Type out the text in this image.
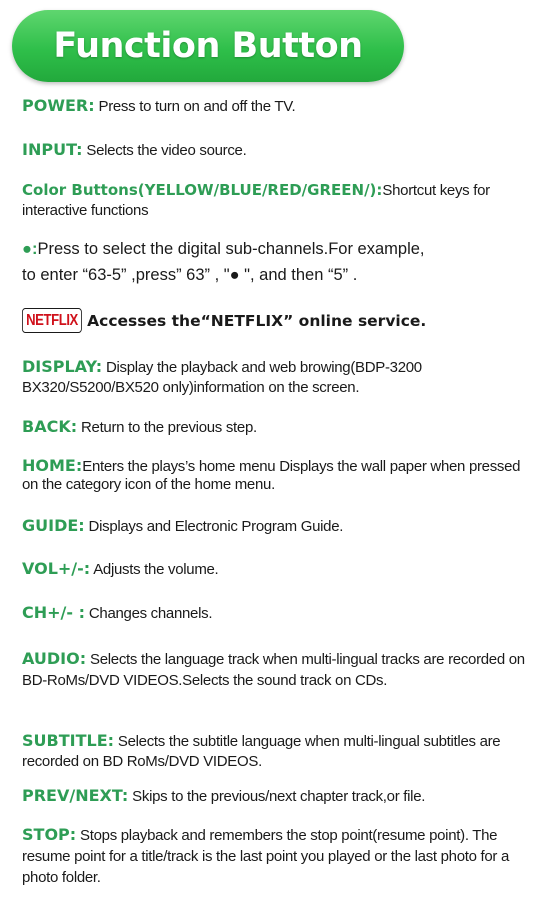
Function Button
POWER: Press to turn on and off the TV.
INPUT: Selects the video source.
Color Buttons(YELLOW/BLUE/RED/GREEN/):Shortcut keys for interactive functions
●:Press to select the digital sub-channels.For example,
to enter “63-5” ,press” 63” , "● ", and then “5” .
NETFLIX Accesses the“NETFLIX” online service.
DISPLAY: Display the playback and web browing(BDP-3200 BX320/S5200/BX520 only)information on the screen.
BACK: Return to the previous step.
HOME:Enters the plays’s home menu Displays the wall paper when pressed on the category icon of the home menu.
GUIDE: Displays and Electronic Program Guide.
VOL+/-: Adjusts the volume.
CH+/- : Changes channels.
AUDIO: Selects the language track when multi-lingual tracks are recorded on BD-RoMs/DVD VIDEOS.Selects the sound track on CDs.
SUBTITLE: Selects the subtitle language when multi-lingual subtitles are recorded on BD RoMs/DVD VIDEOS.
PREV/NEXT: Skips to the previous/next chapter track,or file.
STOP: Stops playback and remembers the stop point(resume point). The resume point for a title/track is the last point you played or the last photo for a photo folder.
